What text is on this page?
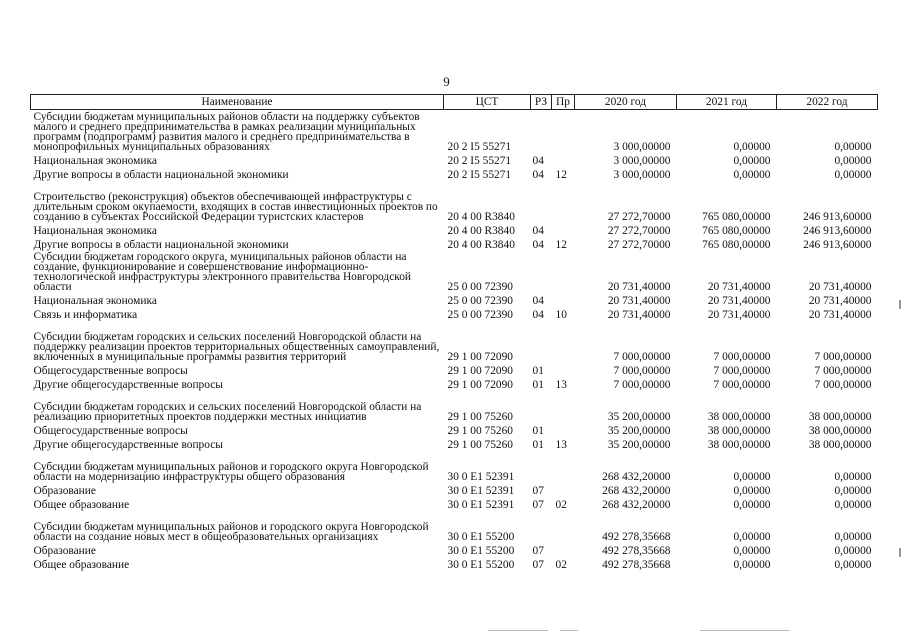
9
Наименование	ЦСТ	РЗ	Пр	2020 год	2021 год	2022 год
Субсидии бюджетам муниципальных районов области на поддержку субъектов малого и среднего предпринимательства в рамках реализации муниципальных программ (подпрограмм) развития малого и среднего предпринимательства в монопрофильных муниципальных образованиях	20 2 I5 55271			3 000,00000	0,00000	0,00000
Национальная экономика	20 2 I5 55271	04		3 000,00000	0,00000	0,00000
Другие вопросы в области национальной экономики	20 2 I5 55271	04	12	3 000,00000	0,00000	0,00000
Строительство (реконструкция) объектов обеспечивающей инфраструктуры с длительным сроком окупаемости, входящих в состав инвестиционных проектов по созданию в субъектах Российской Федерации туристских кластеров	20 4 00 R3840			27 272,70000	765 080,00000	246 913,60000
Национальная экономика	20 4 00 R3840	04		27 272,70000	765 080,00000	246 913,60000
Другие вопросы в области национальной экономики	20 4 00 R3840	04	12	27 272,70000	765 080,00000	246 913,60000
Субсидии бюджетам городского округа, муниципальных районов области на создание, функционирование и совершенствование информационно-технологической инфраструктуры электронного правительства Новгородской области	25 0 00 72390			20 731,40000	20 731,40000	20 731,40000
Национальная экономика	25 0 00 72390	04		20 731,40000	20 731,40000	20 731,40000
Связь и информатика	25 0 00 72390	04	10	20 731,40000	20 731,40000	20 731,40000
Субсидии бюджетам городских и сельских поселений Новгородской области на поддержку реализации проектов территориальных общественных самоуправлений, включенных в муниципальные программы развития территорий	29 1 00 72090			7 000,00000	7 000,00000	7 000,00000
Общегосударственные вопросы	29 1 00 72090	01		7 000,00000	7 000,00000	7 000,00000
Другие общегосударственные вопросы	29 1 00 72090	01	13	7 000,00000	7 000,00000	7 000,00000
Субсидии бюджетам городских и сельских поселений Новгородской области на реализацию приоритетных проектов поддержки местных инициатив	29 1 00 75260			35 200,00000	38 000,00000	38 000,00000
Общегосударственные вопросы	29 1 00 75260	01		35 200,00000	38 000,00000	38 000,00000
Другие общегосударственные вопросы	29 1 00 75260	01	13	35 200,00000	38 000,00000	38 000,00000
Субсидии бюджетам муниципальных районов и городского округа Новгородской области на модернизацию инфраструктуры общего образования	30 0 E1 52391			268 432,20000	0,00000	0,00000
Образование	30 0 E1 52391	07		268 432,20000	0,00000	0,00000
Общее образование	30 0 E1 52391	07	02	268 432,20000	0,00000	0,00000
Субсидии бюджетам муниципальных районов и городского округа Новгородской области на создание новых мест в общеобразовательных организациях	30 0 E1 55200			492 278,35668	0,00000	0,00000
Образование	30 0 E1 55200	07		492 278,35668	0,00000	0,00000
Общее образование	30 0 E1 55200	07	02	492 278,35668	0,00000	0,00000
